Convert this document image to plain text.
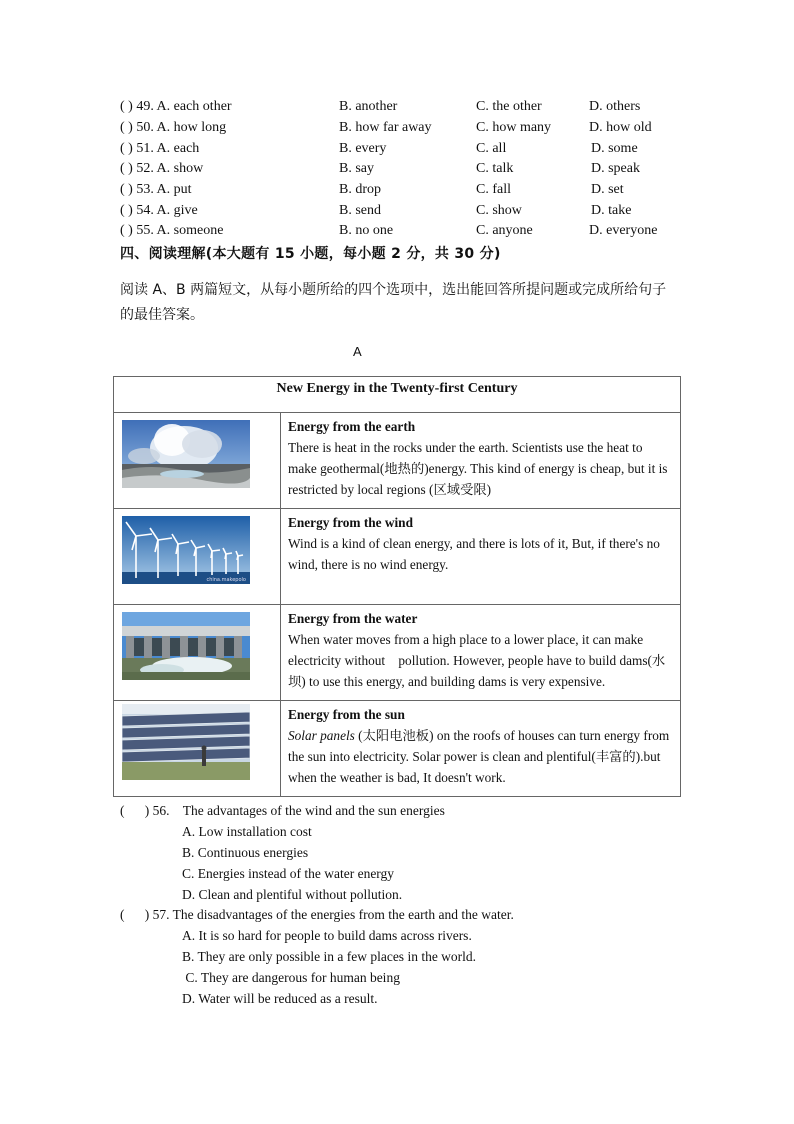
( ) 49. A. each other	B. another	C. the other	D. others
( ) 50. A. how long	B. how far away	C. how many	D. how old
( ) 51. A. each	B. every	C. all	D. some
( ) 52. A. show	B. say	C. talk	D. speak
( ) 53. A. put	B. drop	C. fall	D. set
( ) 54. A. give	B. send	C. show	D. take
( ) 55. A. someone	B. no one	C. anyone	D. everyone
四、阅读理解(本大题有 15 小题，每小题 2 分，共 30 分)
阅读 A、B 两篇短文，从每小题所给的四个选项中，选出能回答所提问题或完成所给句子的最佳答案。
A
New Energy in the Twenty-first Century	

Energy from the earth
There is heat in the rocks under the earth. Scientists use the heat to make geothermal(地热的)energy. This kind of energy is cheap, but it is restricted by local regions (区域受限)

china.makepolo	Energy from the wind
Wind is a kind of clean energy, and there is lots of it, But, if there's no wind, there is no wind energy.

Energy from the water
When water moves from a high place to a lower place, it can make electricity without    pollution. However, people have to build dams(水坝) to use this energy, and building dams is very expensive.

Energy from the sun
Solar panels (太阳电池板) on the roofs of houses can turn energy from the sun into electricity. Solar power is clean and plentiful(丰富的).but when the weather is bad, It doesn't work.
(      ) 56.    The advantages of the wind and the sun energies
A. Low installation cost
B. Continuous energies
C. Energies instead of the water energy
D. Clean and plentiful without pollution.
(      ) 57. The disadvantages of the energies from the earth and the water.
A. It is so hard for people to build dams across rivers.
B. They are only possible in a few places in the world.
C. They are dangerous for human being
D. Water will be reduced as a result.
